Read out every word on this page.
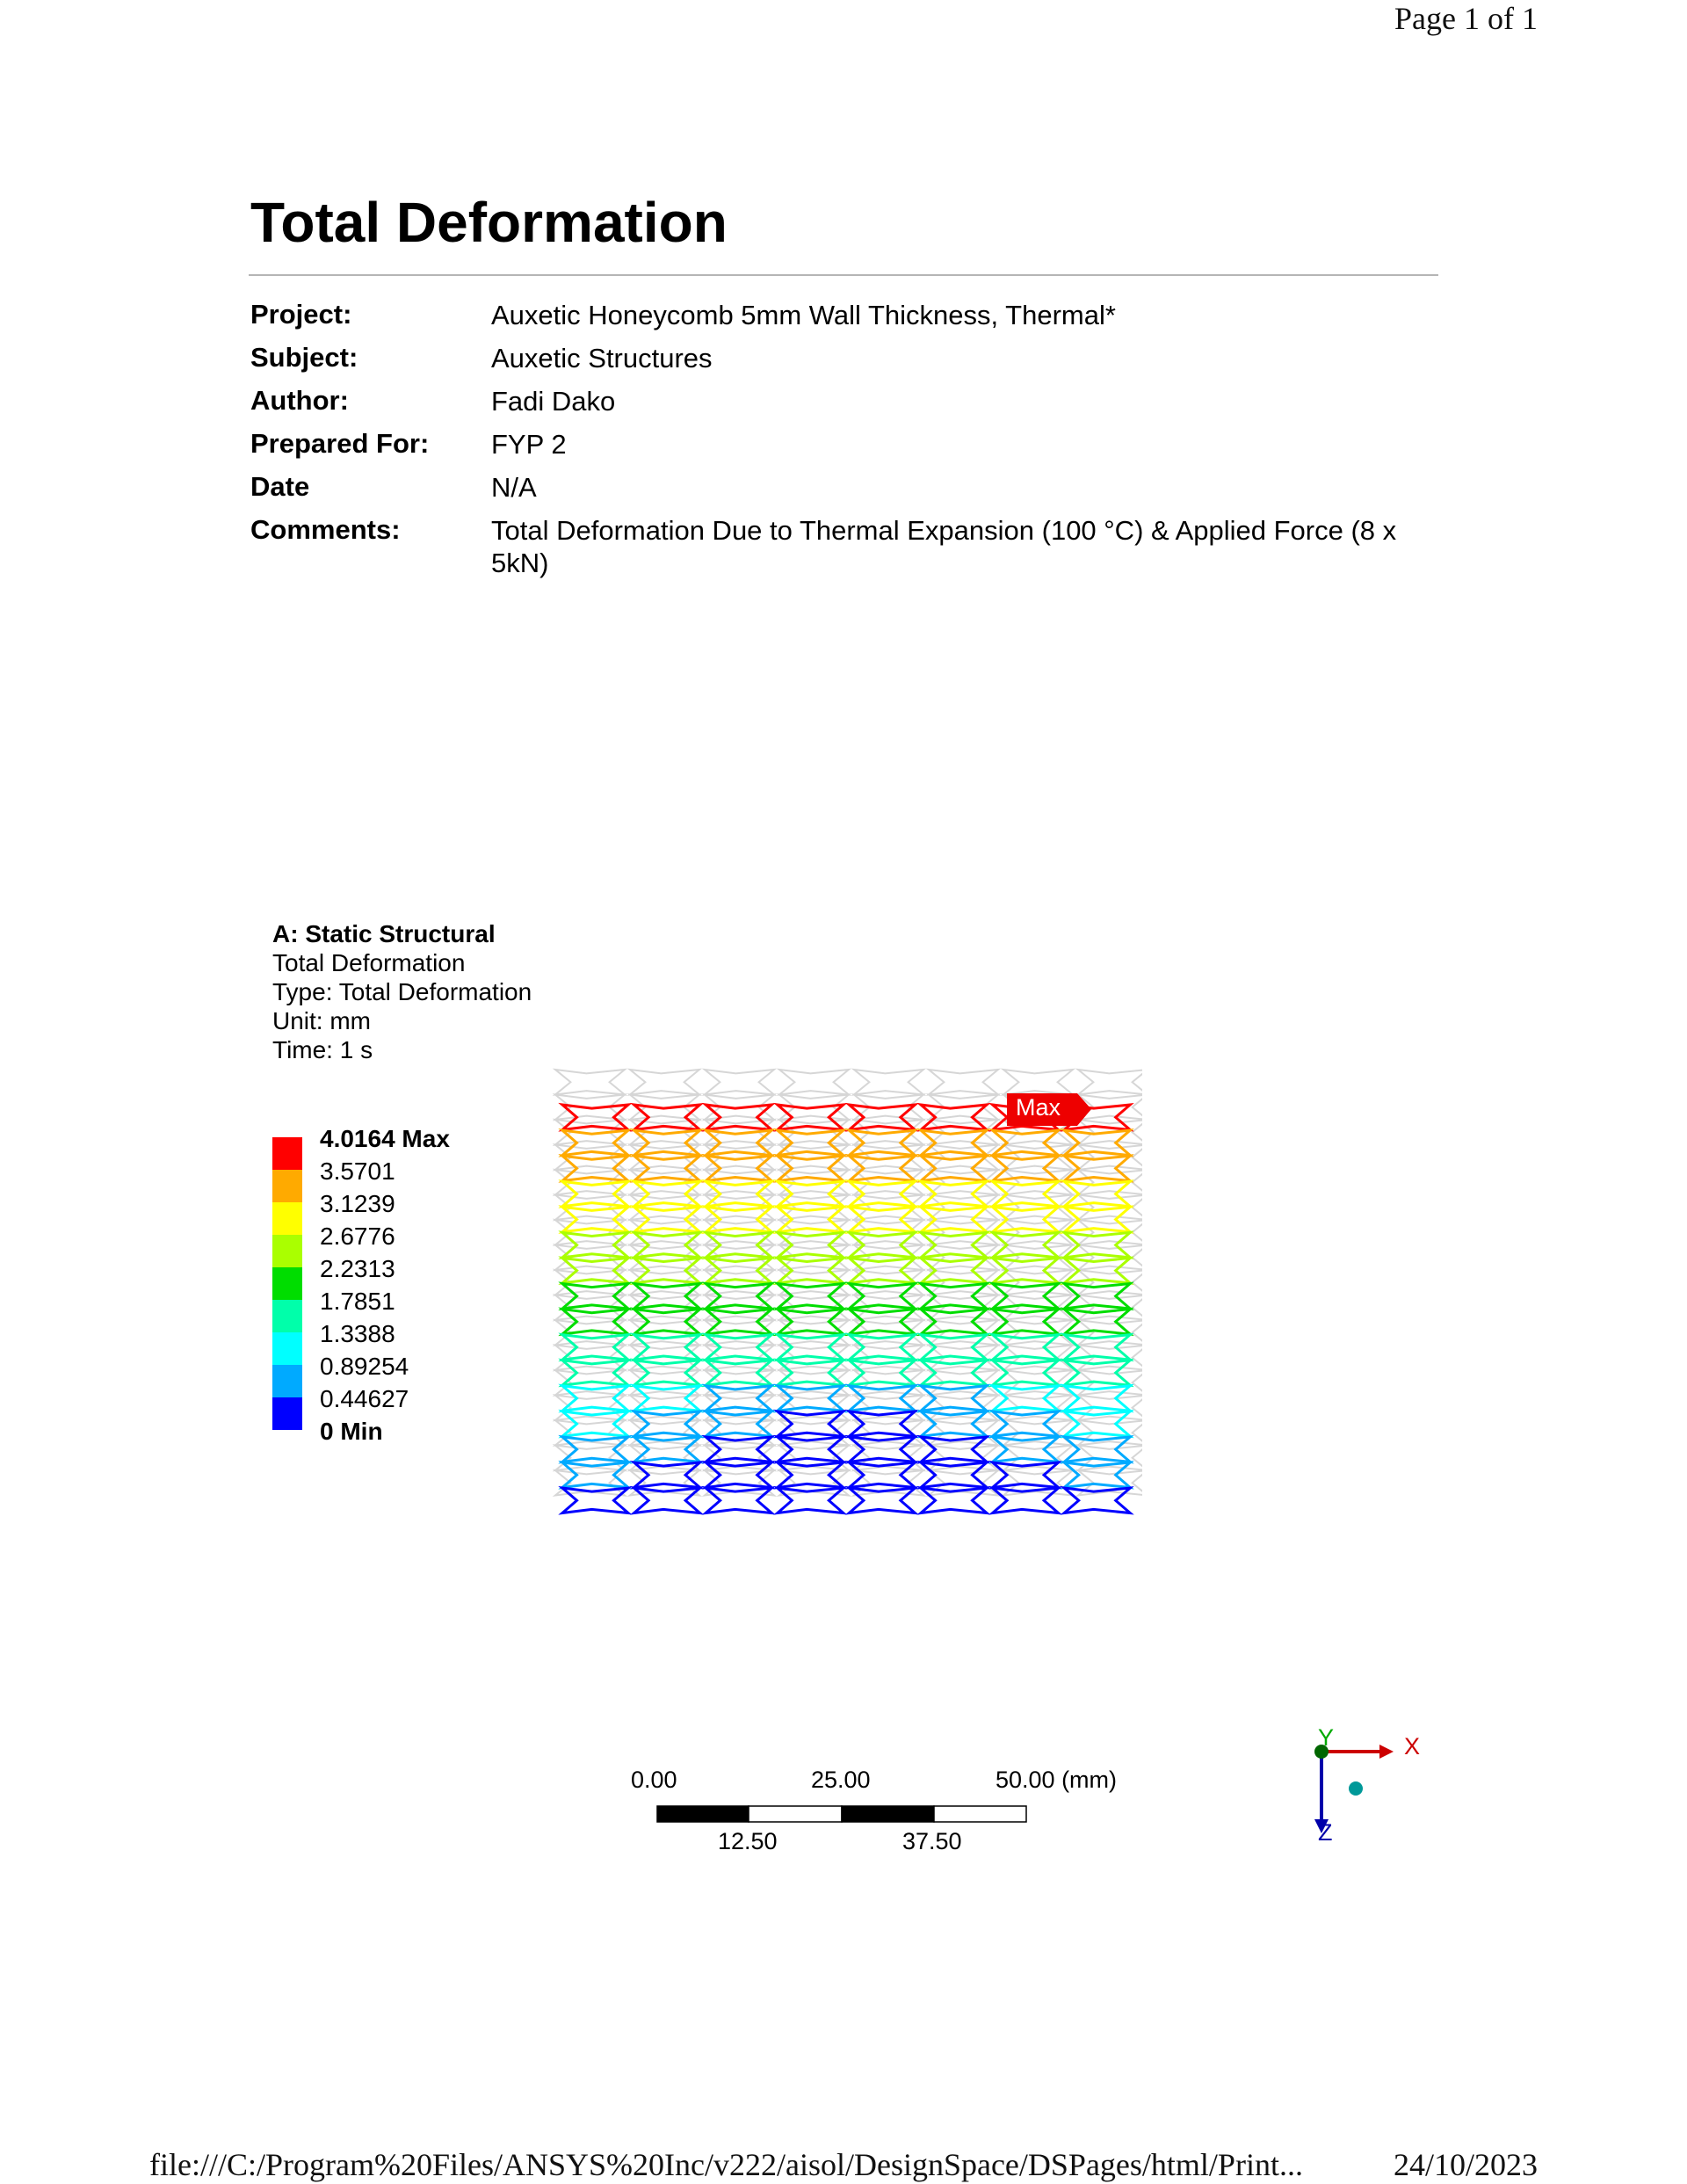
Page 1 of 1
Total Deformation
Project:	Auxetic Honeycomb 5mm Wall Thickness, Thermal*
Subject:	Auxetic Structures
Author:	Fadi Dako
Prepared For: FYP 2
Date	N/A
Comments:	Total Deformation Due to Thermal Expansion (100 °C) & Applied Force (8 x 5kN)
A: Static Structural
Total Deformation
Type: Total Deformation
Unit: mm
Time: 1 s
4.0164 Max
3.5701
3.1239
2.6776
2.2313
1.7851
1.3388
0.89254
0.44627
0 Min
Max
0.00	25.00	50.00 (mm)
12.50	37.50
X
Y
Z
file:///C:/Program%20Files/ANSYS%20Inc/v222/aisol/DesignSpace/DSPages/html/Print...	24/10/2023
